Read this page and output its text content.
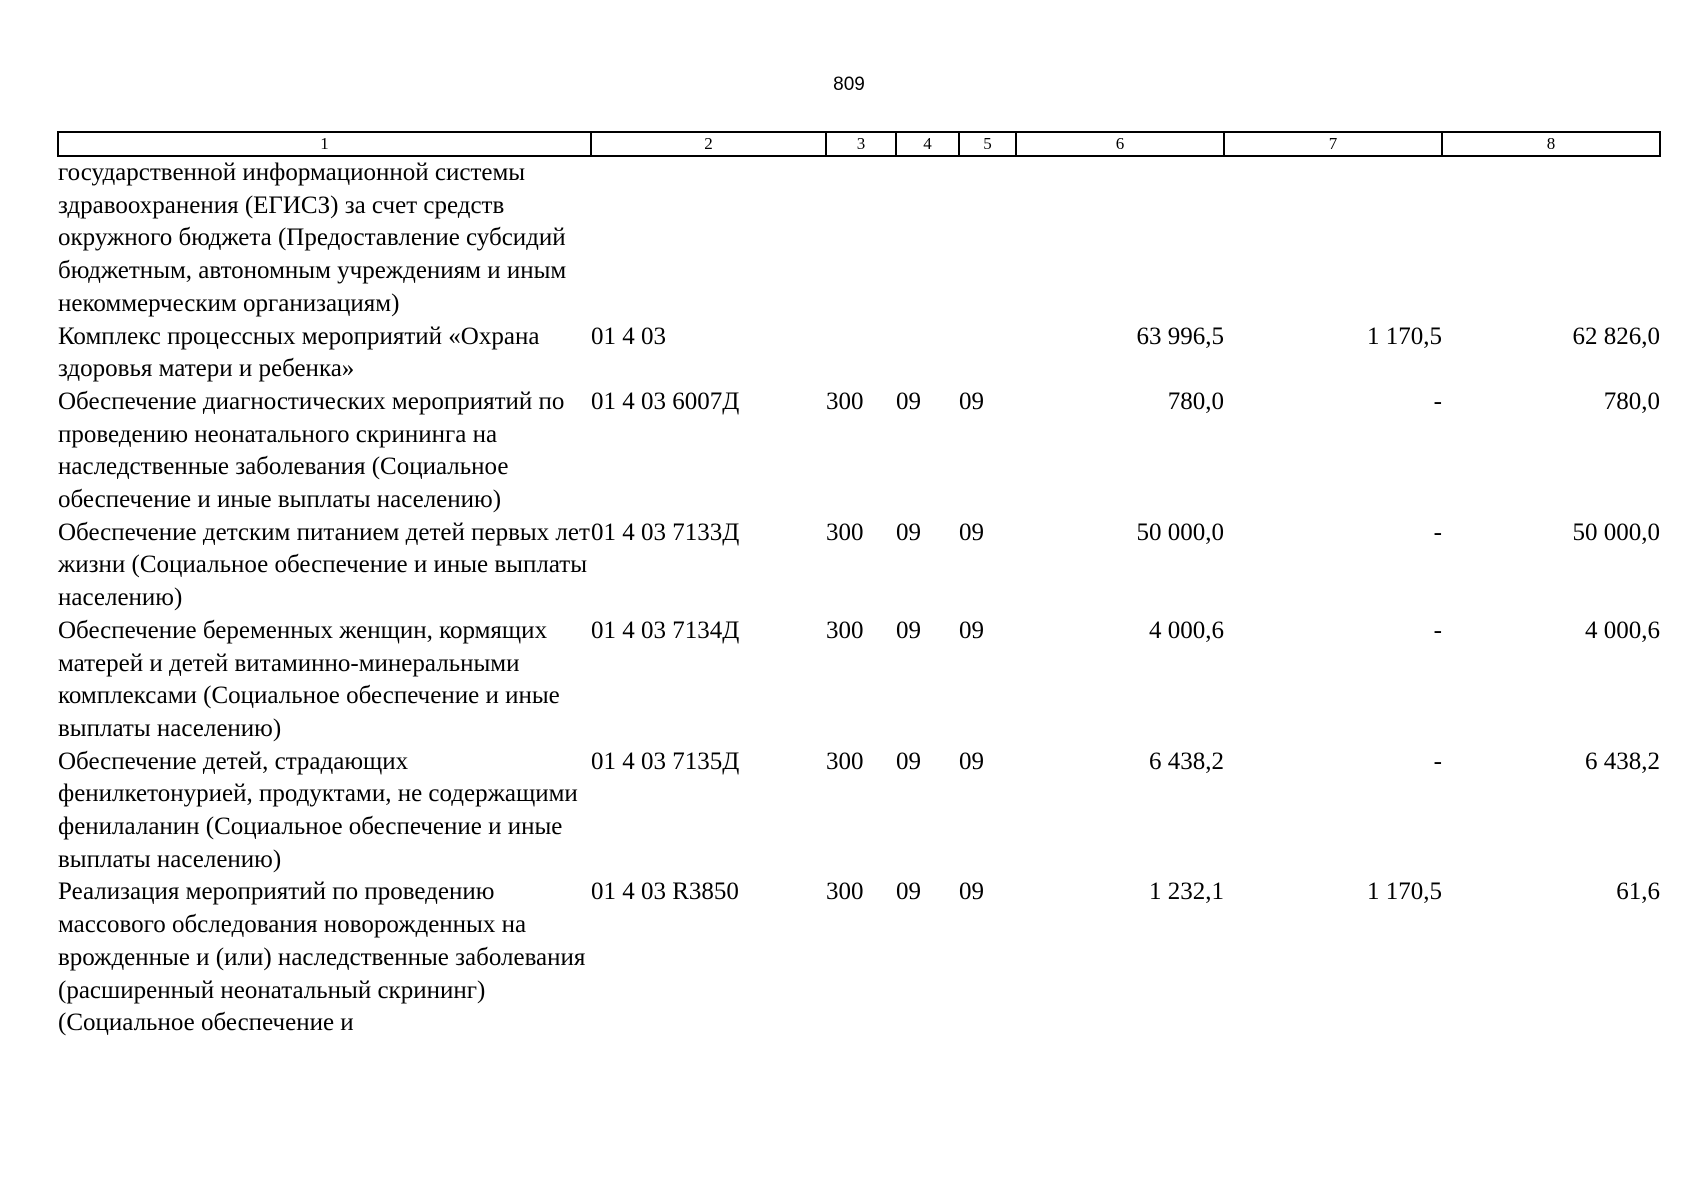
809
1	2	3	4	5	6	7	8
государственной информационной системы здравоохранения (ЕГИСЗ) за счет средств окружного бюджета (Предоставление субсидий бюджетным, автономным учреждениям и иным некоммерческим организациям)							
Комплекс процессных мероприятий «Охрана здоровья матери и ребенка»	01 4 03				63 996,5	1 170,5	62 826,0
Обеспечение диагностических мероприятий по проведению неонатального скрининга на наследственные заболевания (Социальное обеспечение и иные выплаты населению)	01 4 03 6007Д	300	09	09	780,0	-	780,0
Обеспечение детским питанием детей первых лет жизни (Социальное обеспечение и иные выплаты населению)	01 4 03 7133Д	300	09	09	50 000,0	-	50 000,0
Обеспечение беременных женщин, кормящих матерей и детей витаминно-минеральными комплексами (Социальное обеспечение и иные выплаты населению)	01 4 03 7134Д	300	09	09	4 000,6	-	4 000,6
Обеспечение детей, страдающих фенилкетонурией, продуктами, не содержащими фенилаланин (Социальное обеспечение и иные выплаты населению)	01 4 03 7135Д	300	09	09	6 438,2	-	6 438,2
Реализация мероприятий по проведению массового обследования новорожденных на врожденные и (или) наследственные заболевания (расширенный неонатальный скрининг) (Социальное обеспечение и	01 4 03 R3850	300	09	09	1 232,1	1 170,5	61,6
